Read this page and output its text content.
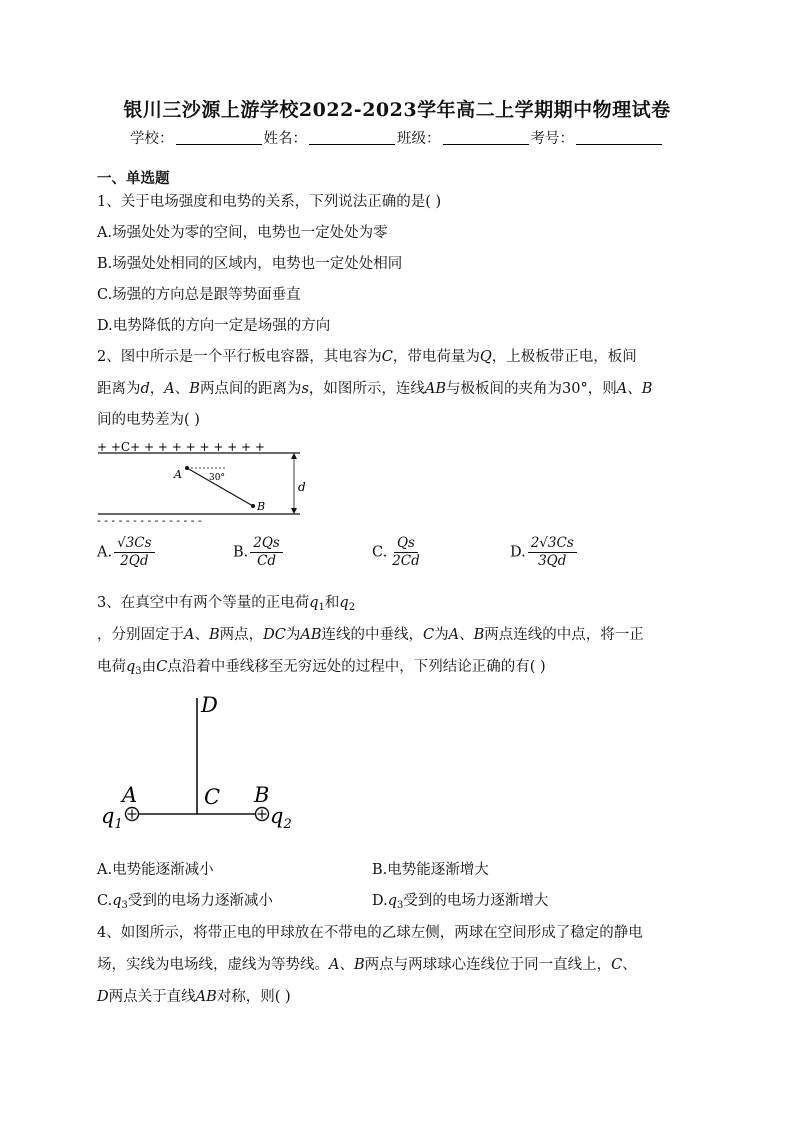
银川三沙源上游学校2022-2023学年高二上学期期中物理试卷
学校：	姓名：	班级：	考号：
一、单选题
1、关于电场强度和电势的关系，下列说法正确的是( )
A.场强处处为零的空间，电势也一定处处为零
B.场强处处相同的区域内，电势也一定处处相同
C.场强的方向总是跟等势面垂直
D.电势降低的方向一定是场强的方向
2、图中所示是一个平行板电容器，其电容为C，带电荷量为Q，上极板带正电，板间
距离为d，A、B两点间的距离为s，如图所示，连线AB与极板间的夹角为30°，则A、B
间的电势差为( )
+ +C+ + + + + + + + + +
- - - - - - - - - - - - - - -
A
B
30°
d
A. $\frac{√3Cs}{2Qd}$	B. $\frac{2Qs}{Cd}$	C. $\frac{Qs}{2Cd}$	D. $\frac{2√3Cs}{3Qd}$
3、在真空中有两个等量的正电荷$q_1$和$q_2$
，分别固定于A、B两点，DC为AB连线的中垂线，C为A、B两点连线的中点，将一正
电荷$q_3$由C点沿着中垂线移至无穷远处的过程中，下列结论正确的有( )
D
A	C B
$q_1$	$q_2$
A.电势能逐渐减小	B.电势能逐渐增大
$C.q_3$受到的电场力逐渐减小	$D.q_3$受到的电场力逐渐增大
4、如图所示，将带正电的甲球放在不带电的乙球左侧，两球在空间形成了稳定的静电
场，实线为电场线，虚线为等势线。A、B两点与两球球心连线位于同一直线上，C、
D两点关于直线AB对称，则( )
